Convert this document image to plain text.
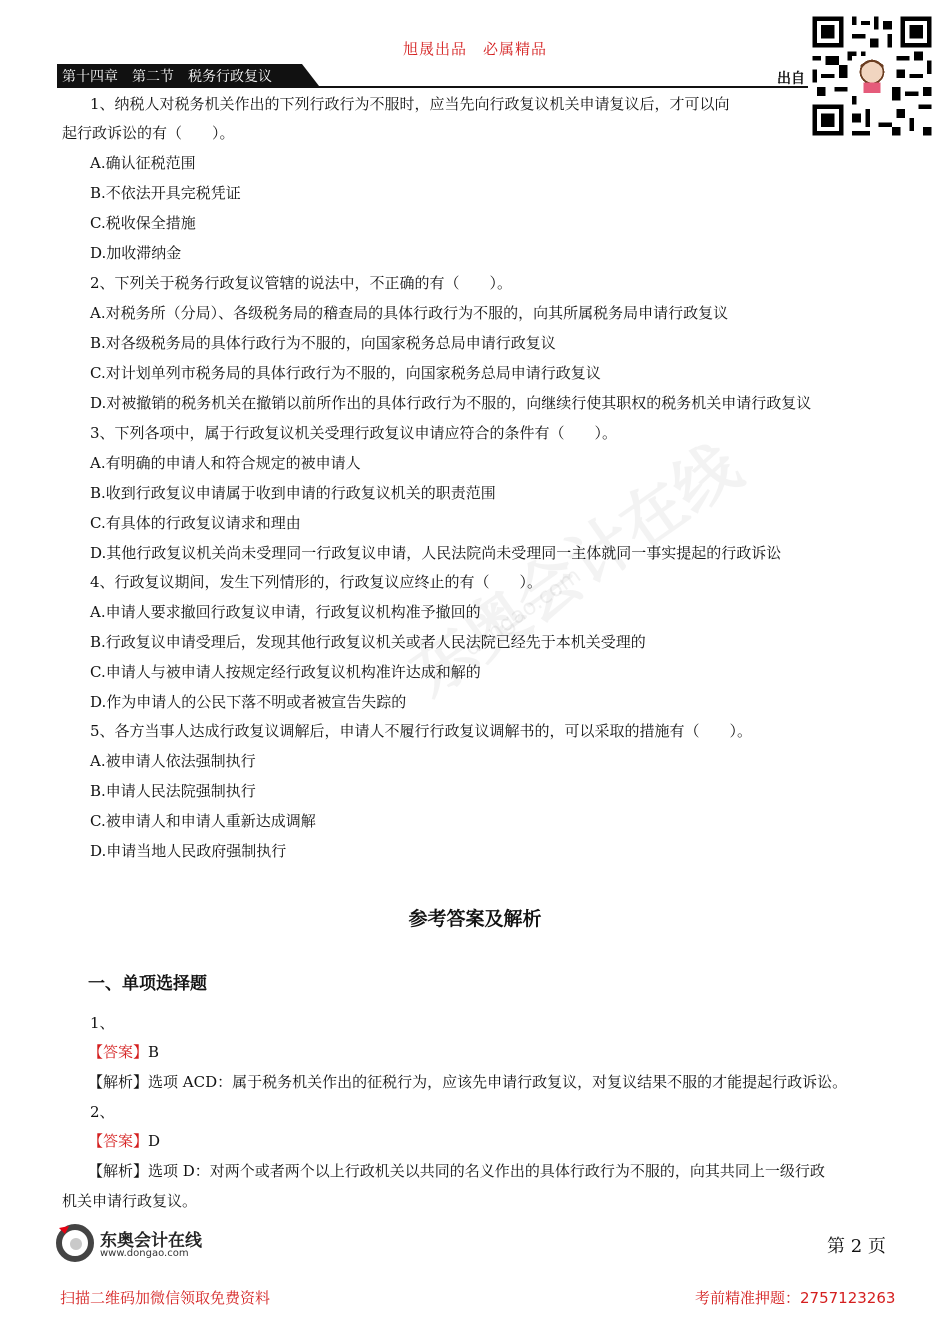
dongao.com
旭晟出品　必属精品
第十四章　第二节　税务行政复议	出自
1、纳税人对税务机关作出的下列行政行为不服时，应当先向行政复议机关申请复议后，才可以向
起行政诉讼的有（　　）。
A.确认征税范围
B.不依法开具完税凭证
C.税收保全措施
D.加收滞纳金
2、下列关于税务行政复议管辖的说法中，不正确的有（　　）。
A.对税务所（分局）、各级税务局的稽查局的具体行政行为不服的，向其所属税务局申请行政复议
B.对各级税务局的具体行政行为不服的，向国家税务总局申请行政复议
C.对计划单列市税务局的具体行政行为不服的，向国家税务总局申请行政复议
D.对被撤销的税务机关在撤销以前所作出的具体行政行为不服的，向继续行使其职权的税务机关申请行政复议
3、下列各项中，属于行政复议机关受理行政复议申请应符合的条件有（　　）。
A.有明确的申请人和符合规定的被申请人
B.收到行政复议申请属于收到申请的行政复议机关的职责范围
C.有具体的行政复议请求和理由
D.其他行政复议机关尚未受理同一行政复议申请，人民法院尚未受理同一主体就同一事实提起的行政诉讼
4、行政复议期间，发生下列情形的，行政复议应终止的有（　　）。
A.申请人要求撤回行政复议申请，行政复议机构准予撤回的
B.行政复议申请受理后，发现其他行政复议机关或者人民法院已经先于本机关受理的
C.申请人与被申请人按规定经行政复议机构准许达成和解的
D.作为申请人的公民下落不明或者被宣告失踪的
5、各方当事人达成行政复议调解后，申请人不履行行政复议调解书的，可以采取的措施有（　　）。
A.被申请人依法强制执行
B.申请人民法院强制执行
C.被申请人和申请人重新达成调解
D.申请当地人民政府强制执行
参考答案及解析
一、单项选择题
1、
【答案】B
【解析】选项 ACD：属于税务机关作出的征税行为，应该先申请行政复议，对复议结果不服的才能提起行政诉讼。
2、
【答案】D
【解析】选项 D：对两个或者两个以上行政机关以共同的名义作出的具体行政行为不服的，向其共同上一级行政
机关申请行政复议。
东奥会计在线
www.dongao.com	第 2 页
扫描二维码加微信领取免费资料	考前精准押题：2757123263
